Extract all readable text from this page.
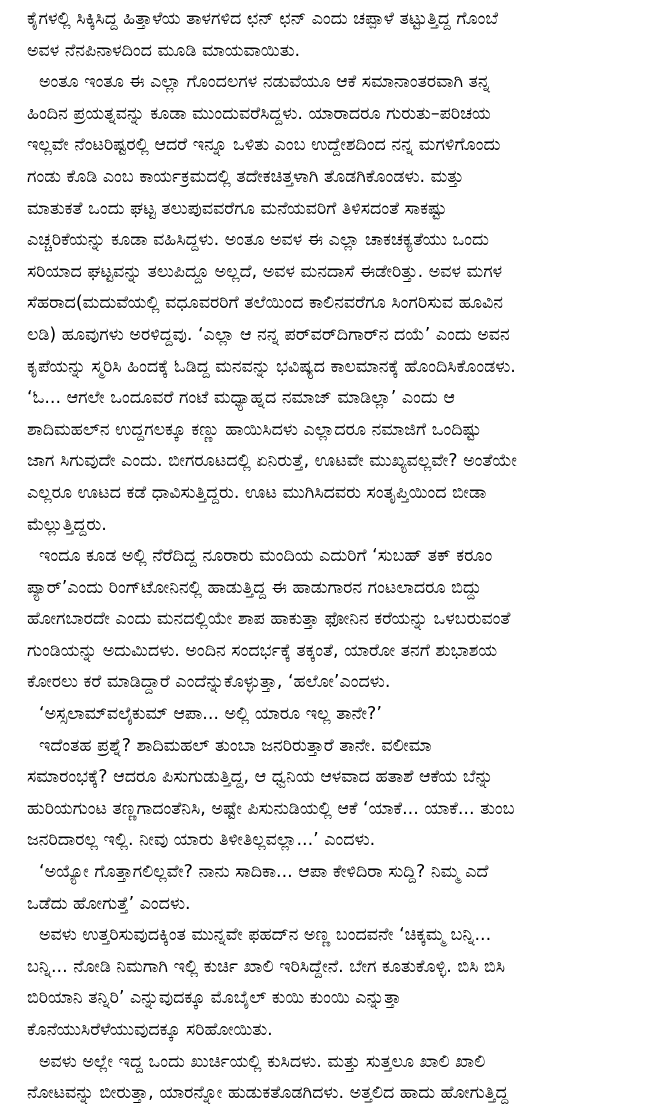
ಕೈಗಳಲ್ಲಿ ಸಿಕ್ಕಿಸಿದ್ದ ಹಿತ್ತಾಳೆಯ ತಾಳಗಳಿದ ಛನ್ ಛನ್ ಎಂದು ಚಪ್ಪಾಳೆ ತಟ್ಟುತ್ತಿದ್ದ ಗೊಂಬೆ
ಅವಳ ನೆನಪಿನಾಳದಿಂದ ಮೂಡಿ ಮಾಯವಾಯಿತು.
ಅಂತೂ ಇಂತೂ ಈ ಎಲ್ಲಾ ಗೊಂದಲಗಳ ನಡುವೆಯೂ ಆಕೆ ಸಮಾನಾಂತರವಾಗಿ ತನ್ನ
ಹಿಂದಿನ ಪ್ರಯತ್ನವನ್ನು ಕೂಡಾ ಮುಂದುವರೆಸಿದ್ದಳು. ಯಾರಾದರೂ ಗುರುತು–ಪರಿಚಯ
ಇಲ್ಲವೇ ನೆಂಟರಿಷ್ಟರಲ್ಲಿ ಆದರೆ ಇನ್ನೂ ಒಳಿತು ಎಂಬ ಉದ್ದೇಶದಿಂದ ನನ್ನ ಮಗಳಿಗೊಂದು
ಗಂಡು ಕೊಡಿ ಎಂಬ ಕಾರ್ಯಕ್ರಮದಲ್ಲಿ ತದೇಕಚಿತ್ತಳಾಗಿ ತೊಡಗಿಕೊಂಡಳು. ಮತ್ತು
ಮಾತುಕತೆ ಒಂದು ಘಟ್ಟ ತಲುಪುವವರೆಗೂ ಮನೆಯವರಿಗೆ ತಿಳಿಸದಂತೆ ಸಾಕಷ್ಟು
ಎಚ್ಚರಿಕೆಯನ್ನು ಕೂಡಾ ವಹಿಸಿದ್ದಳು. ಅಂತೂ ಅವಳ ಈ ಎಲ್ಲಾ ಚಾಕಚಕ್ಯತೆಯು ಒಂದು
ಸರಿಯಾದ ಘಟ್ಟವನ್ನು ತಲುಪಿದ್ದೂ ಅಲ್ಲದೆ, ಅವಳ ಮನದಾಸೆ ಈಡೇರಿತ್ತು. ಅವಳ ಮಗಳ
ಸೆಹರಾದ(ಮದುವೆಯಲ್ಲಿ ವಧೂವರರಿಗೆ ತಲೆಯಿಂದ ಕಾಲಿನವರೆಗೂ ಸಿಂಗರಿಸುವ ಹೂವಿನ
ಲಡಿ) ಹೂವುಗಳು ಅರಳಿದ್ದವು. ‘ಎಲ್ಲಾ ಆ ನನ್ನ ಪರ್‌ವರ್‌ದಿಗಾರ್‌ನ ದಯೆ’ ಎಂದು ಅವನ
ಕೃಪೆಯನ್ನು ಸ್ಮರಿಸಿ ಹಿಂದಕ್ಕೆ ಓಡಿದ್ದ ಮನವನ್ನು ಭವಿಷ್ಯದ ಕಾಲಮಾನಕ್ಕೆ ಹೊಂದಿಸಿಕೊಂಡಳು.
‘ಓ... ಆಗಲೇ ಒಂದೂವರೆ ಗಂಟೆ ಮಧ್ಯಾಹ್ನದ ನಮಾಜ್ ಮಾಡಿಲ್ಲಾ’ ಎಂದು ಆ
ಶಾದಿಮಹಲ್‌ನ ಉದ್ದಗಲಕ್ಕೂ ಕಣ್ಣು ಹಾಯಿಸಿದಳು ಎಲ್ಲಾದರೂ ನಮಾಜಿಗೆ ಒಂದಿಷ್ಟು
ಜಾಗ ಸಿಗುವುದೇ ಎಂದು. ಬೀಗರೂಟದಲ್ಲಿ ಏನಿರುತ್ತೆ, ಊಟವೇ ಮುಖ್ಯವಲ್ಲವೇ? ಅಂತೆಯೇ
ಎಲ್ಲರೂ ಊಟದ ಕಡೆ ಧಾವಿಸುತ್ತಿದ್ದರು. ಊಟ ಮುಗಿಸಿದವರು ಸಂತೃಪ್ತಿಯಿಂದ ಬೀಡಾ
ಮೆಲ್ಲುತ್ತಿದ್ದರು.
ಇಂದೂ ಕೂಡ ಅಲ್ಲಿ ನೆರೆದಿದ್ದ ನೂರಾರು ಮಂದಿಯ ಎದುರಿಗೆ ‘ಸುಬಹ್ ತಕ್ ಕರೂಂ
ಪ್ಯಾರ್’ಎಂದು ರಿಂಗ್‌ಟೋನಿನಲ್ಲಿ ಹಾಡುತ್ತಿದ್ದ ಈ ಹಾಡುಗಾರನ ಗಂಟಲಾದರೂ ಬಿದ್ದು
ಹೋಗಬಾರದೇ ಎಂದು ಮನದಲ್ಲಿಯೇ ಶಾಪ ಹಾಕುತ್ತಾ ಫೋನಿನ ಕರೆಯನ್ನು ಒಳಬರುವಂತೆ
ಗುಂಡಿಯನ್ನು ಅದುಮಿದಳು. ಅಂದಿನ ಸಂದರ್ಭಕ್ಕೆ ತಕ್ಕಂತೆ, ಯಾರೋ ತನಗೆ ಶುಭಾಶಯ
ಕೋರಲು ಕರೆ ಮಾಡಿದ್ದಾರೆ ಎಂದೆನ್ನುಕೊಳ್ಳುತ್ತಾ, ‘ಹಲೋ’ಎಂದಳು.
‘ಅಸ್ಸಲಾಮ್‌ವಲೈಕುಮ್ ಆಪಾ... ಅಲ್ಲಿ ಯಾರೂ ಇಲ್ಲ ತಾನೇ?’
ಇದೆಂತಹ ಪ್ರಶ್ನೆ? ಶಾದಿಮಹಲ್ ತುಂಬಾ ಜನರಿರುತ್ತಾರೆ ತಾನೇ. ವಲೀಮಾ
ಸಮಾರಂಭಕ್ಕೆ? ಆದರೂ ಪಿಸುಗುಡುತ್ತಿದ್ದ, ಆ ಧ್ವನಿಯ ಆಳವಾದ ಹತಾಶೆ ಆಕೆಯ ಬೆನ್ನು
ಹುರಿಯಗುಂಟ ತಣ್ಣಗಾದಂತೆನಿಸಿ, ಅಷ್ಟೇ ಪಿಸುನುಡಿಯಲ್ಲಿ ಆಕೆ ‘ಯಾಕೆ... ಯಾಕೆ... ತುಂಬ
ಜನರಿದಾರಲ್ಲ ಇಲ್ಲಿ. ನೀವು ಯಾರು ತಿಳೀತಿಲ್ಲವಲ್ಲಾ...’ ಎಂದಳು.
‘ಅಯ್ಯೋ ಗೊತ್ತಾಗಲಿಲ್ಲವೇ? ನಾನು ಸಾದಿಕಾ... ಆಪಾ ಕೇಳಿದಿರಾ ಸುದ್ದಿ? ನಿಮ್ಮ ಎದೆ
ಒಡೆದು ಹೋಗುತ್ತೆ’ ಎಂದಳು.
ಅವಳು ಉತ್ತರಿಸುವುದಕ್ಕಿಂತ ಮುನ್ನವೇ ಫಹದ್‌ನ ಅಣ್ಣ ಬಂದವನೇ ‘ಚಿಕ್ಕಮ್ಮ ಬನ್ನಿ...
ಬನ್ನಿ... ನೋಡಿ ನಿಮಗಾಗಿ ಇಲ್ಲಿ ಕುರ್ಚಿ ಖಾಲಿ ಇರಿಸಿದ್ದೇನೆ. ಬೇಗ ಕೂತುಕೊಳ್ಳಿ. ಬಿಸಿ ಬಿಸಿ
ಬಿರಿಯಾನಿ ತನ್ನಿರಿ’ ಎನ್ನುವುದಕ್ಕೂ ಮೊಬೈಲ್ ಕುಯಿ ಕುಂಯಿ ಎನ್ನುತ್ತಾ
ಕೊನೆಯುಸಿರೆಳೆಯುವುದಕ್ಕೂ ಸರಿಹೋಯಿತು.
ಅವಳು ಅಲ್ಲೇ ಇದ್ದ ಒಂದು ಖುರ್ಚಿಯಲ್ಲಿ ಕುಸಿದಳು. ಮತ್ತು ಸುತ್ತಲೂ ಖಾಲಿ ಖಾಲಿ
ನೋಟವನ್ನು ಬೀರುತ್ತಾ, ಯಾರನ್ನೋ ಹುಡುಕತೊಡಗಿದಳು. ಅತ್ತಲಿದ ಹಾದು ಹೋಗುತ್ತಿದ್ದ
